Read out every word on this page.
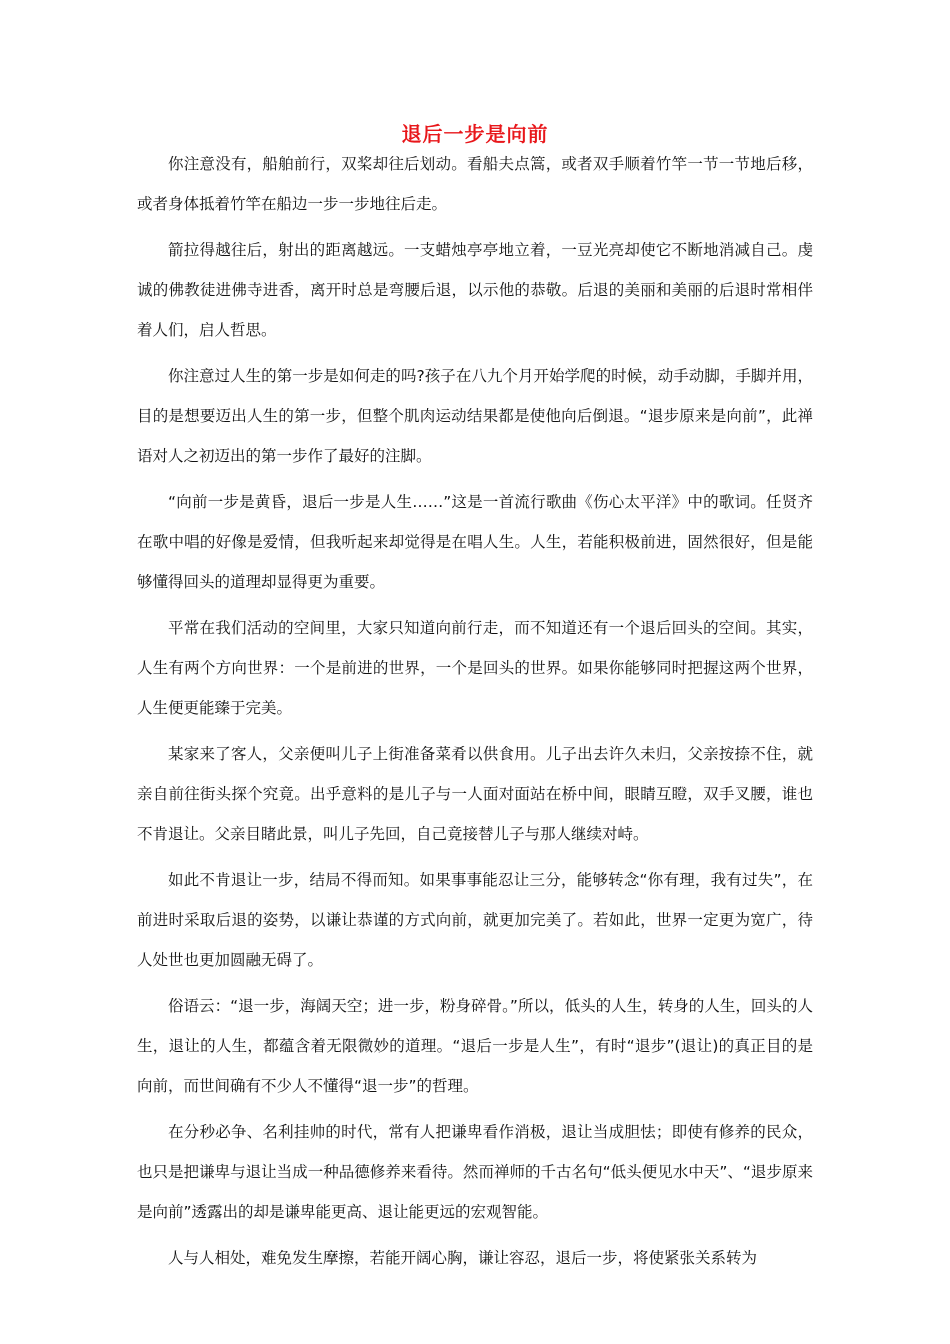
退后一步是向前

你注意没有，船舶前行，双桨却往后划动。看船夫点篙，或者双手顺着竹竿一节一节地后移，或者身体抵着竹竿在船边一步一步地往后走。

箭拉得越往后，射出的距离越远。一支蜡烛亭亭地立着，一豆光亮却使它不断地消减自己。虔诚的佛教徒进佛寺进香，离开时总是弯腰后退，以示他的恭敬。后退的美丽和美丽的后退时常相伴着人们，启人哲思。

你注意过人生的第一步是如何走的吗?孩子在八九个月开始学爬的时候，动手动脚，手脚并用，目的是想要迈出人生的第一步，但整个肌肉运动结果都是使他向后倒退。“退步原来是向前”，此禅语对人之初迈出的第一步作了最好的注脚。

“向前一步是黄昏，退后一步是人生……”这是一首流行歌曲《伤心太平洋》中的歌词。任贤齐在歌中唱的好像是爱情，但我听起来却觉得是在唱人生。人生，若能积极前进，固然很好，但是能够懂得回头的道理却显得更为重要。

平常在我们活动的空间里，大家只知道向前行走，而不知道还有一个退后回头的空间。其实，人生有两个方向世界：一个是前进的世界，一个是回头的世界。如果你能够同时把握这两个世界，人生便更能臻于完美。

某家来了客人，父亲便叫儿子上街准备菜肴以供食用。儿子出去许久未归，父亲按捺不住，就亲自前往街头探个究竟。出乎意料的是儿子与一人面对面站在桥中间，眼睛互瞪，双手叉腰，谁也不肯退让。父亲目睹此景，叫儿子先回，自己竟接替儿子与那人继续对峙。

如此不肯退让一步，结局不得而知。如果事事能忍让三分，能够转念“你有理，我有过失”，在前进时采取后退的姿势，以谦让恭谨的方式向前，就更加完美了。若如此，世界一定更为宽广，待人处世也更加圆融无碍了。

俗语云：“退一步，海阔天空；进一步，粉身碎骨。”所以，低头的人生，转身的人生，回头的人生，退让的人生，都蕴含着无限微妙的道理。“退后一步是人生”，有时“退步”(退让)的真正目的是向前，而世间确有不少人不懂得“退一步”的哲理。

在分秒必争、名利挂帅的时代，常有人把谦卑看作消极，退让当成胆怯；即使有修养的民众，也只是把谦卑与退让当成一种品德修养来看待。然而禅师的千古名句“低头便见水中天”、“退步原来是向前”透露出的却是谦卑能更高、退让能更远的宏观智能。

人与人相处，难免发生摩擦，若能开阔心胸，谦让容忍，退后一步，将使紧张关系转为
